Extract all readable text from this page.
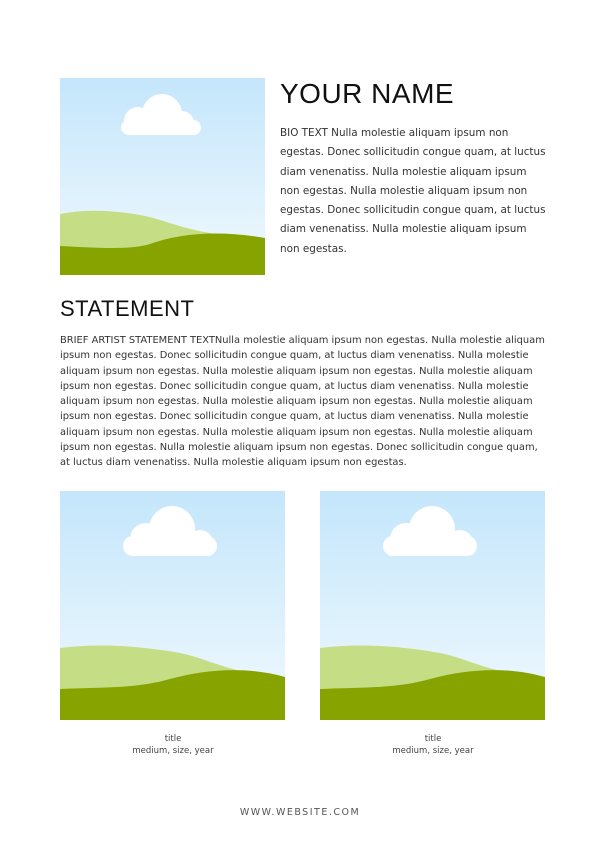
YOUR NAME

BIO TEXT Nulla molestie aliquam ipsum non egestas. Donec sollicitudin congue quam, at luctus diam venenatiss. Nulla molestie aliquam ipsum non egestas. Nulla molestie aliquam ipsum non egestas. Donec sollicitudin congue quam, at luctus diam venenatiss. Nulla molestie aliquam ipsum non egestas.

STATEMENT

BRIEF ARTIST STATEMENT TEXTNulla molestie aliquam ipsum non egestas. Nulla molestie aliquam ipsum non egestas. Donec sollicitudin congue quam, at luctus diam venenatiss. Nulla molestie aliquam ipsum non egestas. Nulla molestie aliquam ipsum non egestas. Nulla molestie aliquam ipsum non egestas. Donec sollicitudin congue quam, at luctus diam venenatiss. Nulla molestie aliquam ipsum non egestas. Nulla molestie aliquam ipsum non egestas. Nulla molestie aliquam ipsum non egestas. Donec sollicitudin congue quam, at luctus diam venenatiss. Nulla molestie aliquam ipsum non egestas. Nulla molestie aliquam ipsum non egestas. Nulla molestie aliquam ipsum non egestas. Nulla molestie aliquam ipsum non egestas. Donec sollicitudin congue quam, at luctus diam venenatiss. Nulla molestie aliquam ipsum non egestas.

title
medium, size, year
title
medium, size, year
WWW.WEBSITE.COM
